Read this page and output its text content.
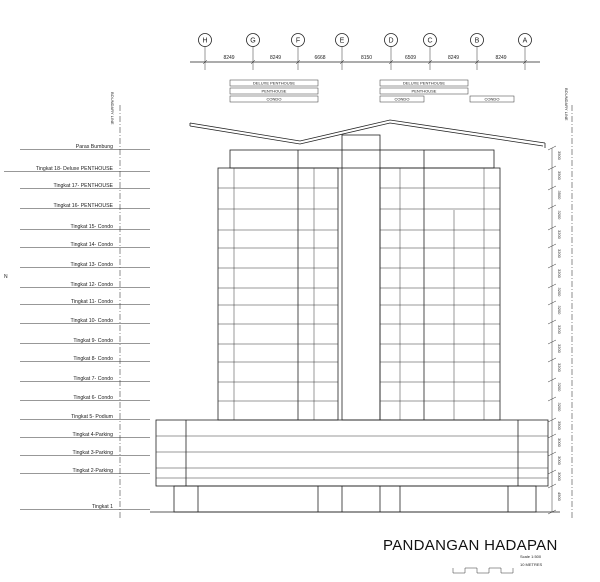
H	G	F	E	D	C	B	A
8249	8249	6668	8150	6509	8249	8249
DELUXE PENTHOUSE
PENTHOUSE
CONDO
DELUXE PENTHOUSE
PENTHOUSE
CONDO	CONDO
BOUNDARY LINE	BOUNDARY LINE
N
Paras Bumbung
Tingkat 18- Deluxe PENTHOUSE
Tingkat 17- PENTHOUSE
Tingkat 16- PENTHOUSE
Tingkat 15- Condo
Tingkat 14- Condo
Tingkat 13- Condo
Tingkat 12- Condo
Tingkat 11- Condo
Tingkat 10- Condo
Tingkat 9- Condo
Tingkat 8- Condo
Tingkat 7- Condo
Tingkat 6- Condo
Tingkat 5- Podium
Tingkat 4-Parking
Tingkat 3-Parking
Tingkat 2-Parking
Tingkat 1
3500
3500
3500
3200
3200
3200
3200
3200
3200
3200
3200
3200
3200
3200
3500
3000
3000
3000
4500
PANDANGAN HADAPAN
Scale 1:500
10 METRES
